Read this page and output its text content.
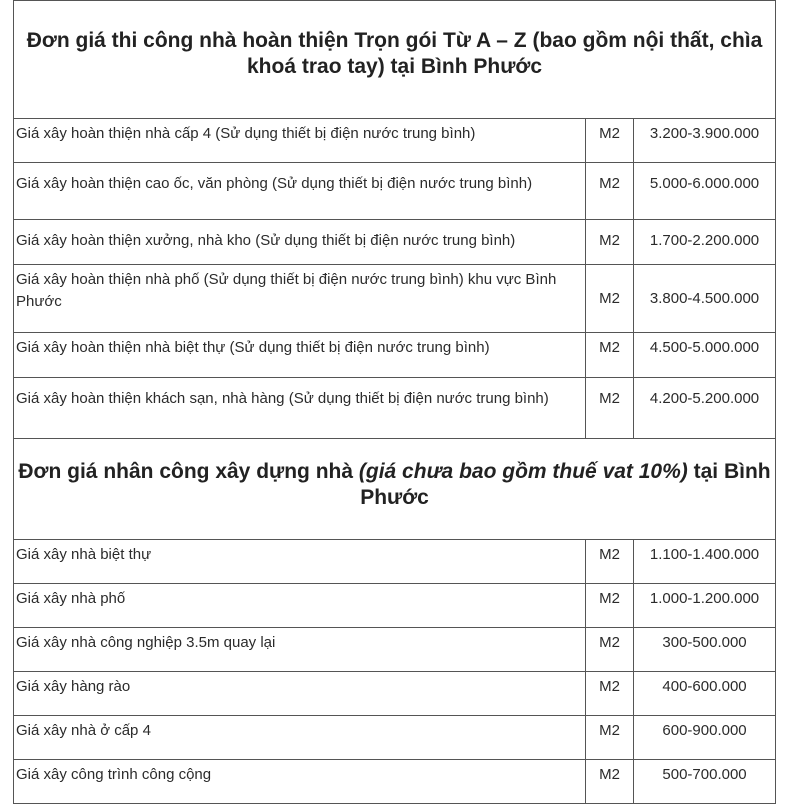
Đơn giá thi công nhà hoàn thiện Trọn gói Từ A – Z (bao gồm nội thất, chìa khoá trao tay) tại Bình Phước		

Giá xây hoàn thiện nhà cấp 4 (Sử dụng thiết bị điện nước trung bình)	M2	3.200-3.900.000
Giá xây hoàn thiện cao ốc, văn phòng (Sử dụng thiết bị điện nước trung bình)	M2	5.000-6.000.000
Giá xây hoàn thiện xưởng, nhà kho (Sử dụng thiết bị điện nước trung bình)	M2	1.700-2.200.000
Giá xây hoàn thiện nhà phố (Sử dụng thiết bị điện nước trung bình) khu vực Bình Phước	M2	3.800-4.500.000
Giá xây hoàn thiện nhà biệt thự (Sử dụng thiết bị điện nước trung bình)	M2	4.500-5.000.000
Giá xây hoàn thiện khách sạn, nhà hàng (Sử dụng thiết bị điện nước trung bình)	M2	4.200-5.200.000

Đơn giá nhân công xây dựng nhà (giá chưa bao gồm thuế vat 10%) tại Bình Phước		

Giá xây nhà biệt thự	M2	1.100-1.400.000
Giá xây nhà phố	M2	1.000-1.200.000
Giá xây nhà công nghiệp 3.5m quay lại	M2	300-500.000
Giá xây hàng rào	M2	400-600.000
Giá xây nhà ở cấp 4	M2	600-900.000
Giá xây công trình công cộng	M2	500-700.000
